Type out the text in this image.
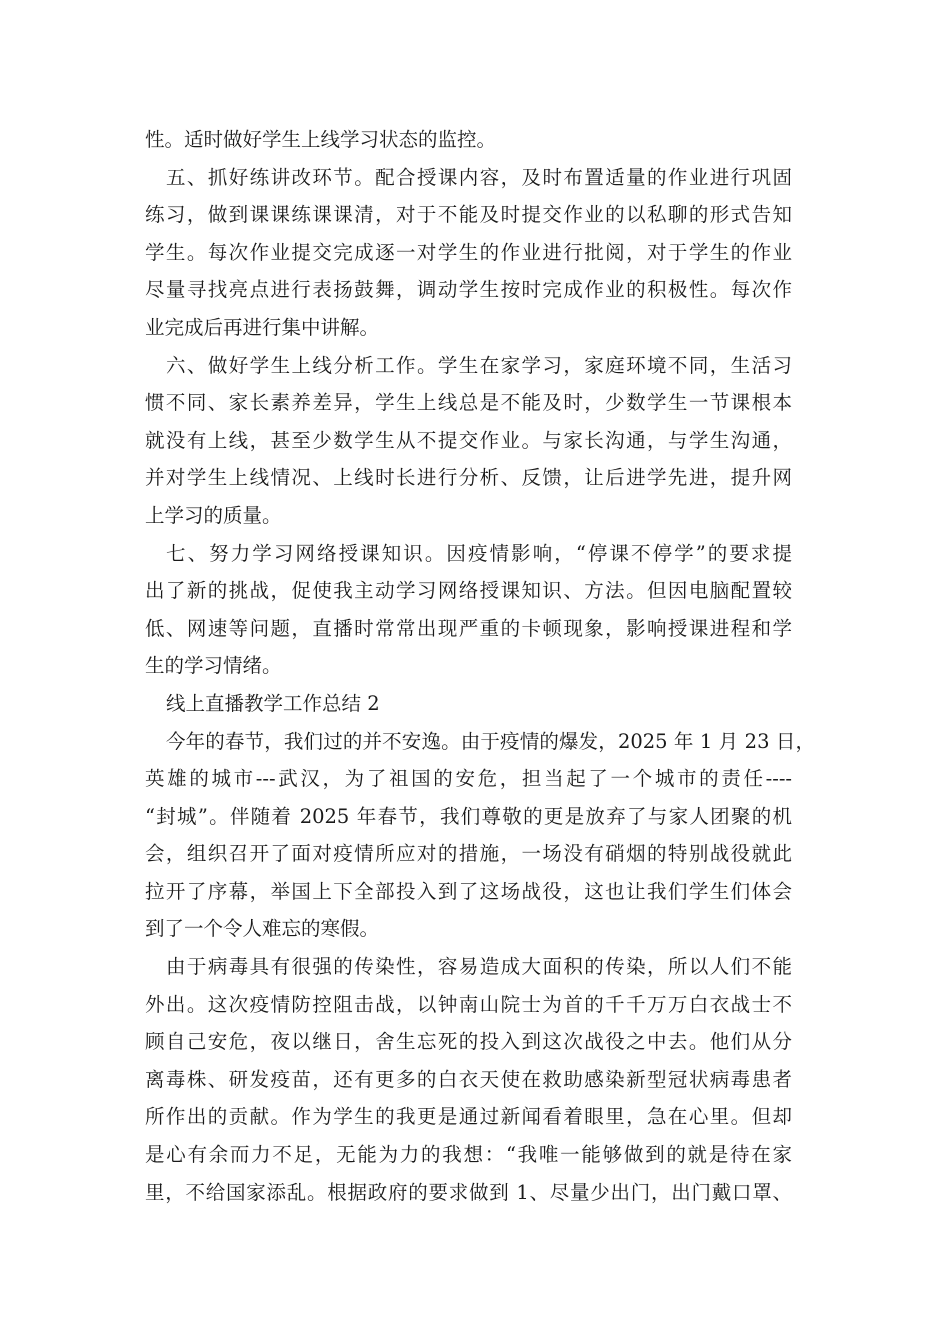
性。适时做好学生上线学习状态的监控。
五、抓好练讲改环节。配合授课内容，及时布置适量的作业进行巩固
练习，做到课课练课课清，对于不能及时提交作业的以私聊的形式告知
学生。每次作业提交完成逐一对学生的作业进行批阅，对于学生的作业
尽量寻找亮点进行表扬鼓舞，调动学生按时完成作业的积极性。每次作
业完成后再进行集中讲解。
六、做好学生上线分析工作。学生在家学习，家庭环境不同，生活习
惯不同、家长素养差异，学生上线总是不能及时，少数学生一节课根本
就没有上线，甚至少数学生从不提交作业。与家长沟通，与学生沟通，
并对学生上线情况、上线时长进行分析、反馈，让后进学先进，提升网
上学习的质量。
七、努力学习网络授课知识。因疫情影响，“停课不停学”的要求提
出了新的挑战，促使我主动学习网络授课知识、方法。但因电脑配置较
低、网速等问题，直播时常常出现严重的卡顿现象，影响授课进程和学
生的学习情绪。
线上直播教学工作总结 2
今年的春节，我们过的并不安逸。由于疫情的爆发，2025 年 1 月 23 日，
英雄的城市---武汉，为了祖国的安危，担当起了一个城市的责任----
“封城”。伴随着 2025 年春节，我们尊敬的更是放弃了与家人团聚的机
会，组织召开了面对疫情所应对的措施，一场没有硝烟的特别战役就此
拉开了序幕，举国上下全部投入到了这场战役，这也让我们学生们体会
到了一个令人难忘的寒假。
由于病毒具有很强的传染性，容易造成大面积的传染，所以人们不能
外出。这次疫情防控阻击战，以钟南山院士为首的千千万万白衣战士不
顾自己安危，夜以继日，舍生忘死的投入到这次战役之中去。他们从分
离毒株、研发疫苗，还有更多的白衣天使在救助感染新型冠状病毒患者
所作出的贡献。作为学生的我更是通过新闻看着眼里，急在心里。但却
是心有余而力不足，无能为力的我想：“我唯一能够做到的就是待在家
里，不给国家添乱。根据政府的要求做到 1、尽量少出门，出门戴口罩、
